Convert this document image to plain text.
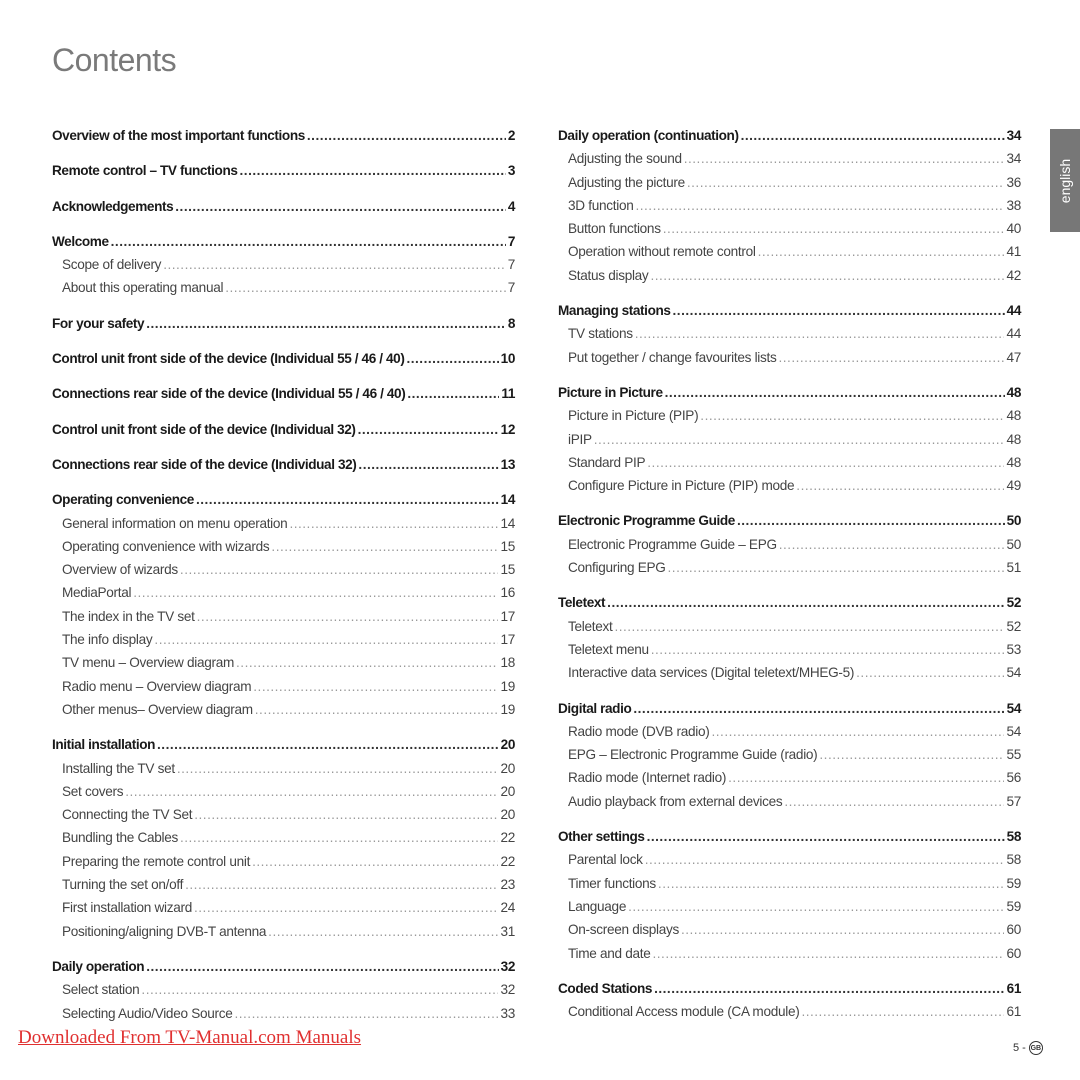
Contents
Overview of the most important functions .....	2
Remote control – TV functions .....	3
Acknowledgements .....	4
Welcome .....	7
Scope of delivery .....	7
About this operating manual .....	7
For your safety .....	8
Control unit front side of the device (Individual 55 / 46 / 40) .....	10
Connections rear side of the device (Individual 55 / 46 / 40) .....	11
Control unit front side of the device (Individual 32) .....	12
Connections rear side of the device (Individual 32) .....	13
Operating convenience .....	14
General information on menu operation .....	14
Operating convenience with wizards .....	15
Overview of wizards .....	15
MediaPortal .....	16
The index in the TV set .....	17
The info display .....	17
TV menu – Overview diagram .....	18
Radio menu – Overview diagram .....	19
Other menus– Overview diagram .....	19
Initial installation .....	20
Installing the TV set .....	20
Set covers .....	20
Connecting the TV Set .....	20
Bundling the Cables .....	22
Preparing the remote control unit .....	22
Turning the set on/off .....	23
First installation wizard .....	24
Positioning/aligning DVB-T antenna .....	31
Daily operation .....	32
Select station .....	32
Selecting Audio/Video Source .....	33
Daily operation (continuation) .....	34
Adjusting the sound .....	34
Adjusting the picture .....	36
3D function .....	38
Button functions .....	40
Operation without remote control .....	41
Status display .....	42
Managing stations .....	44
TV stations .....	44
Put together / change favourites lists .....	47
Picture in Picture .....	48
Picture in Picture (PIP) .....	48
iPIP .....	48
Standard PIP .....	48
Configure Picture in Picture (PIP) mode .....	49
Electronic Programme Guide .....	50
Electronic Programme Guide – EPG .....	50
Configuring EPG .....	51
Teletext .....	52
Teletext .....	52
Teletext menu .....	53
Interactive data services (Digital teletext/MHEG-5) .....	54
Digital radio .....	54
Radio mode (DVB radio) .....	54
EPG – Electronic Programme Guide (radio) .....	55
Radio mode (Internet radio) .....	56
Audio playback from external devices .....	57
Other settings .....	58
Parental lock .....	58
Timer functions .....	59
Language .....	59
On-screen displays .....	60
Time and date .....	60
Coded Stations .....	61
Conditional Access module (CA module) .....	61
english
Downloaded From TV-Manual.com Manuals	5 - GB
